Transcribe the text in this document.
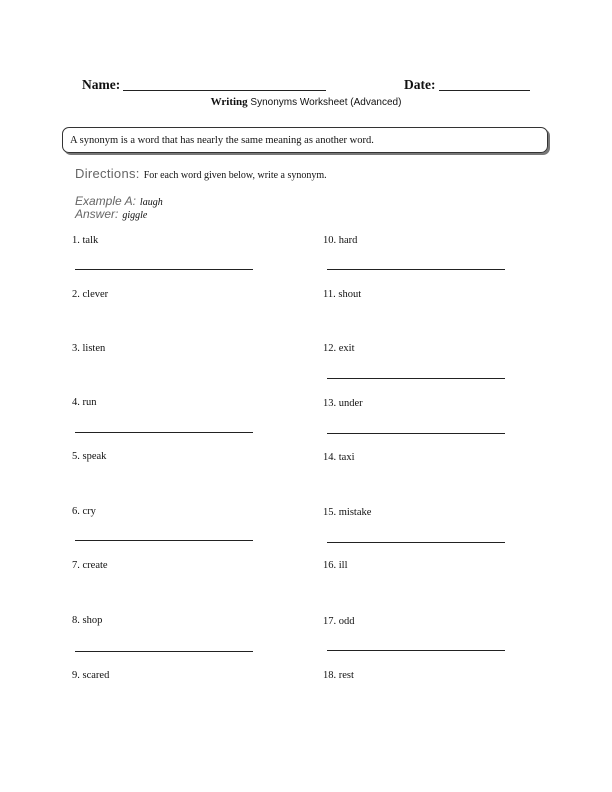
Name:	Date:
Writing Synonyms Worksheet (Advanced)
A synonym is a word that has nearly the same meaning as another word.
Directions: For each word given below, write a synonym.
Example A: laugh
Answer: giggle
1. talk
2. clever
3. listen
4. run
5. speak
6. cry
7. create
8. shop
9. scared
10. hard
11. shout
12. exit
13. under
14. taxi
15. mistake
16. ill
17. odd
18. rest
